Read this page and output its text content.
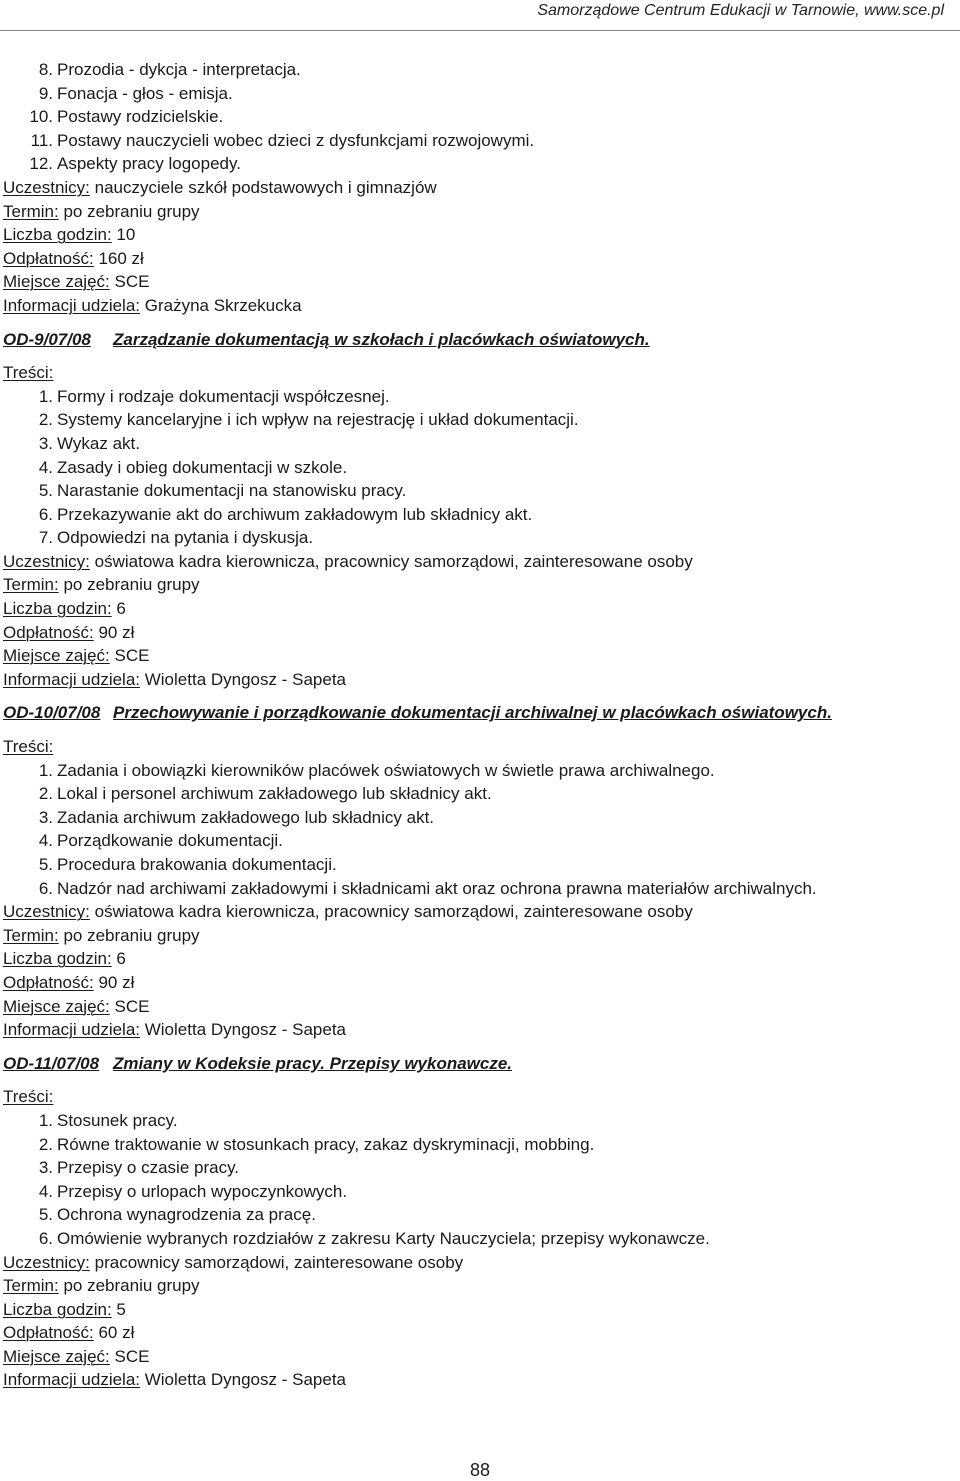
Samorządowe Centrum Edukacji w Tarnowie, www.sce.pl
8. Prozodia - dykcja - interpretacja.
9. Fonacja - głos - emisja.
10. Postawy rodzicielskie.
11. Postawy nauczycieli wobec dzieci z dysfunkcjami rozwojowymi.
12. Aspekty pracy logopedy.
Uczestnicy: nauczyciele szkół podstawowych i gimnazjów
Termin: po zebraniu grupy
Liczba godzin: 10
Odpłatność: 160 zł
Miejsce zajęć: SCE
Informacji udziela: Grażyna Skrzekucka
OD-9/07/08 Zarządzanie dokumentacją w szkołach i placówkach oświatowych.
Treści:
1. Formy i rodzaje dokumentacji współczesnej.
2. Systemy kancelaryjne i ich wpływ na rejestrację i układ dokumentacji.
3. Wykaz akt.
4. Zasady i obieg dokumentacji w szkole.
5. Narastanie dokumentacji na stanowisku pracy.
6. Przekazywanie akt do archiwum zakładowym lub składnicy akt.
7. Odpowiedzi na pytania i dyskusja.
Uczestnicy: oświatowa kadra kierownicza, pracownicy samorządowi, zainteresowane osoby
Termin: po zebraniu grupy
Liczba godzin: 6
Odpłatność: 90 zł
Miejsce zajęć: SCE
Informacji udziela: Wioletta Dyngosz - Sapeta
OD-10/07/08 Przechowywanie i porządkowanie dokumentacji archiwalnej w placówkach oświatowych.
Treści:
1. Zadania i obowiązki kierowników placówek oświatowych w świetle prawa archiwalnego.
2. Lokal i personel archiwum zakładowego lub składnicy akt.
3. Zadania archiwum zakładowego lub składnicy akt.
4. Porządkowanie dokumentacji.
5. Procedura brakowania dokumentacji.
6. Nadzór nad archiwami zakładowymi i składnicami akt oraz ochrona prawna materiałów archiwalnych.
Uczestnicy: oświatowa kadra kierownicza, pracownicy samorządowi, zainteresowane osoby
Termin: po zebraniu grupy
Liczba godzin: 6
Odpłatność: 90 zł
Miejsce zajęć: SCE
Informacji udziela: Wioletta Dyngosz - Sapeta
OD-11/07/08 Zmiany w Kodeksie pracy. Przepisy wykonawcze.
Treści:
1. Stosunek pracy.
2. Równe traktowanie w stosunkach pracy, zakaz dyskryminacji, mobbing.
3. Przepisy o czasie pracy.
4. Przepisy o urlopach wypoczynkowych.
5. Ochrona wynagrodzenia za pracę.
6. Omówienie wybranych rozdziałów z zakresu Karty Nauczyciela; przepisy wykonawcze.
Uczestnicy: pracownicy samorządowi, zainteresowane osoby
Termin: po zebraniu grupy
Liczba godzin: 5
Odpłatność: 60 zł
Miejsce zajęć: SCE
Informacji udziela: Wioletta Dyngosz - Sapeta
88
